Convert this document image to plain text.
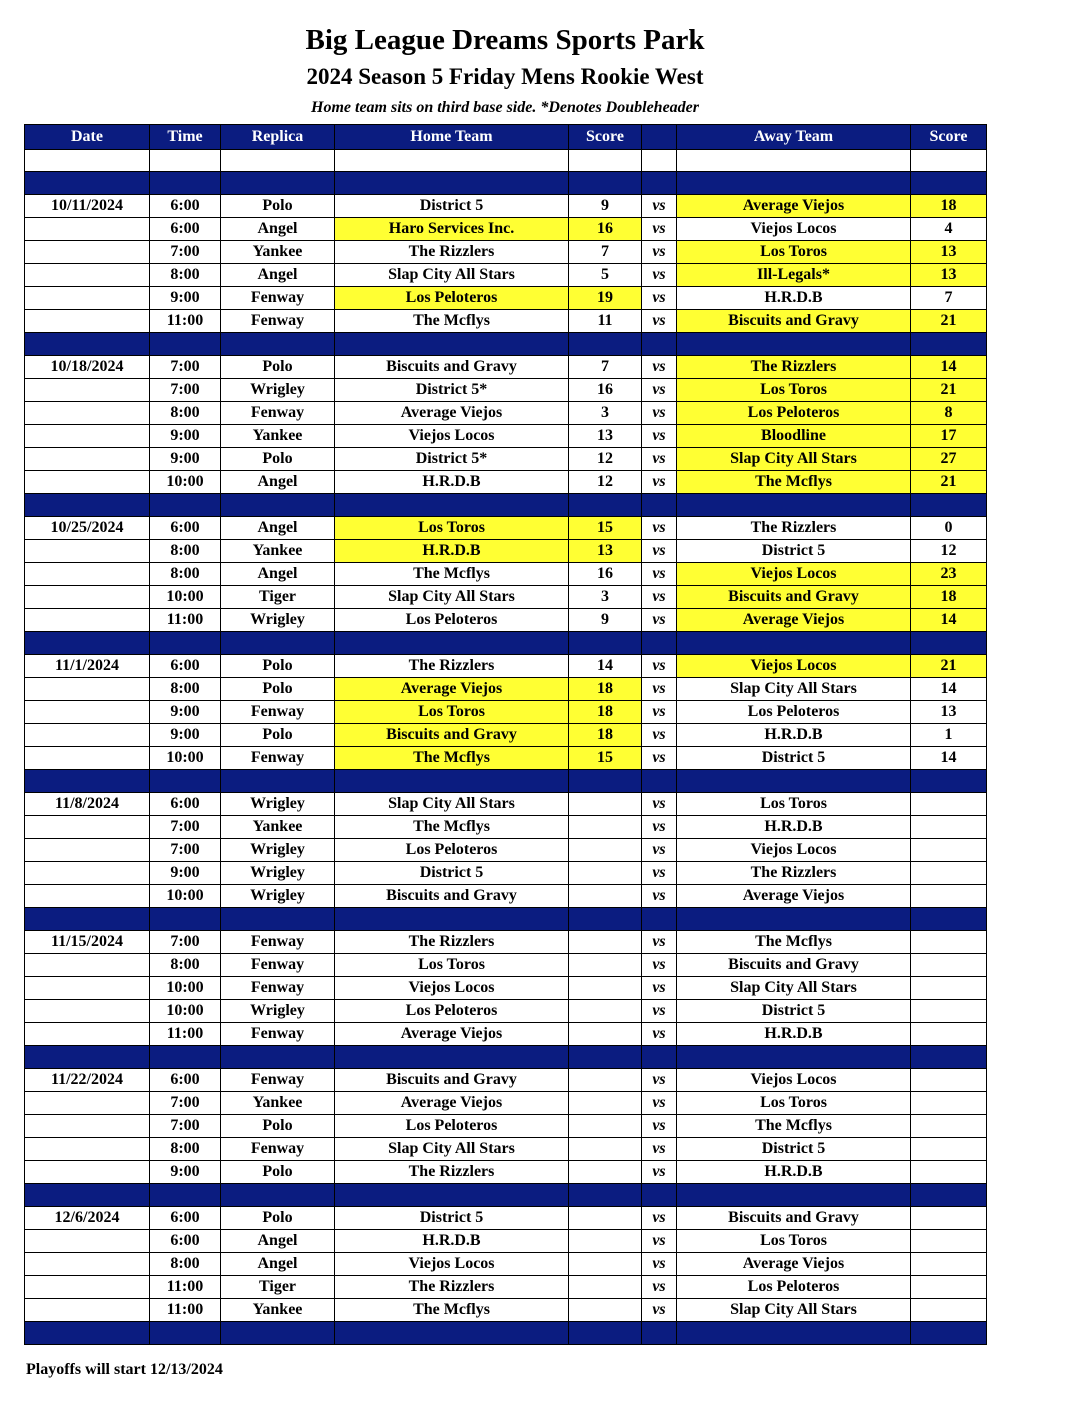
Big League Dreams Sports Park
2024 Season 5 Friday Mens Rookie West
Home team sits on third base side. *Denotes Doubleheader
Date	Time	Replica	Home Team	Score		Away Team	Score

10/11/2024	6:00	Polo	District 5	9	vs	Average Viejos	18
	6:00	Angel	Haro Services Inc.	16	vs	Viejos Locos	4
	7:00	Yankee	The Rizzlers	7	vs	Los Toros	13
	8:00	Angel	Slap City All Stars	5	vs	Ill-Legals*	13
	9:00	Fenway	Los Peloteros	19	vs	H.R.D.B	7
	11:00	Fenway	The Mcflys	11	vs	Biscuits and Gravy	21

10/18/2024	7:00	Polo	Biscuits and Gravy	7	vs	The Rizzlers	14
	7:00	Wrigley	District 5*	16	vs	Los Toros	21
	8:00	Fenway	Average Viejos	3	vs	Los Peloteros	8
	9:00	Yankee	Viejos Locos	13	vs	Bloodline	17
	9:00	Polo	District 5*	12	vs	Slap City All Stars	27
	10:00	Angel	H.R.D.B	12	vs	The Mcflys	21

10/25/2024	6:00	Angel	Los Toros	15	vs	The Rizzlers	0
	8:00	Yankee	H.R.D.B	13	vs	District 5	12
	8:00	Angel	The Mcflys	16	vs	Viejos Locos	23
	10:00	Tiger	Slap City All Stars	3	vs	Biscuits and Gravy	18
	11:00	Wrigley	Los Peloteros	9	vs	Average Viejos	14

11/1/2024	6:00	Polo	The Rizzlers	14	vs	Viejos Locos	21
	8:00	Polo	Average Viejos	18	vs	Slap City All Stars	14
	9:00	Fenway	Los Toros	18	vs	Los Peloteros	13
	9:00	Polo	Biscuits and Gravy	18	vs	H.R.D.B	1
	10:00	Fenway	The Mcflys	15	vs	District 5	14

11/8/2024	6:00	Wrigley	Slap City All Stars		vs	Los Toros	
	7:00	Yankee	The Mcflys		vs	H.R.D.B	
	7:00	Wrigley	Los Peloteros		vs	Viejos Locos	
	9:00	Wrigley	District 5		vs	The Rizzlers	
	10:00	Wrigley	Biscuits and Gravy		vs	Average Viejos	

11/15/2024	7:00	Fenway	The Rizzlers		vs	The Mcflys	
	8:00	Fenway	Los Toros		vs	Biscuits and Gravy	
	10:00	Fenway	Viejos Locos		vs	Slap City All Stars	
	10:00	Wrigley	Los Peloteros		vs	District 5	
	11:00	Fenway	Average Viejos		vs	H.R.D.B	

11/22/2024	6:00	Fenway	Biscuits and Gravy		vs	Viejos Locos	
	7:00	Yankee	Average Viejos		vs	Los Toros	
	7:00	Polo	Los Peloteros		vs	The Mcflys	
	8:00	Fenway	Slap City All Stars		vs	District 5	
	9:00	Polo	The Rizzlers		vs	H.R.D.B	

12/6/2024	6:00	Polo	District 5		vs	Biscuits and Gravy	
	6:00	Angel	H.R.D.B		vs	Los Toros	
	8:00	Angel	Viejos Locos		vs	Average Viejos	
	11:00	Tiger	The Rizzlers		vs	Los Peloteros	
	11:00	Yankee	The Mcflys		vs	Slap City All Stars	

Playoffs will start 12/13/2024
